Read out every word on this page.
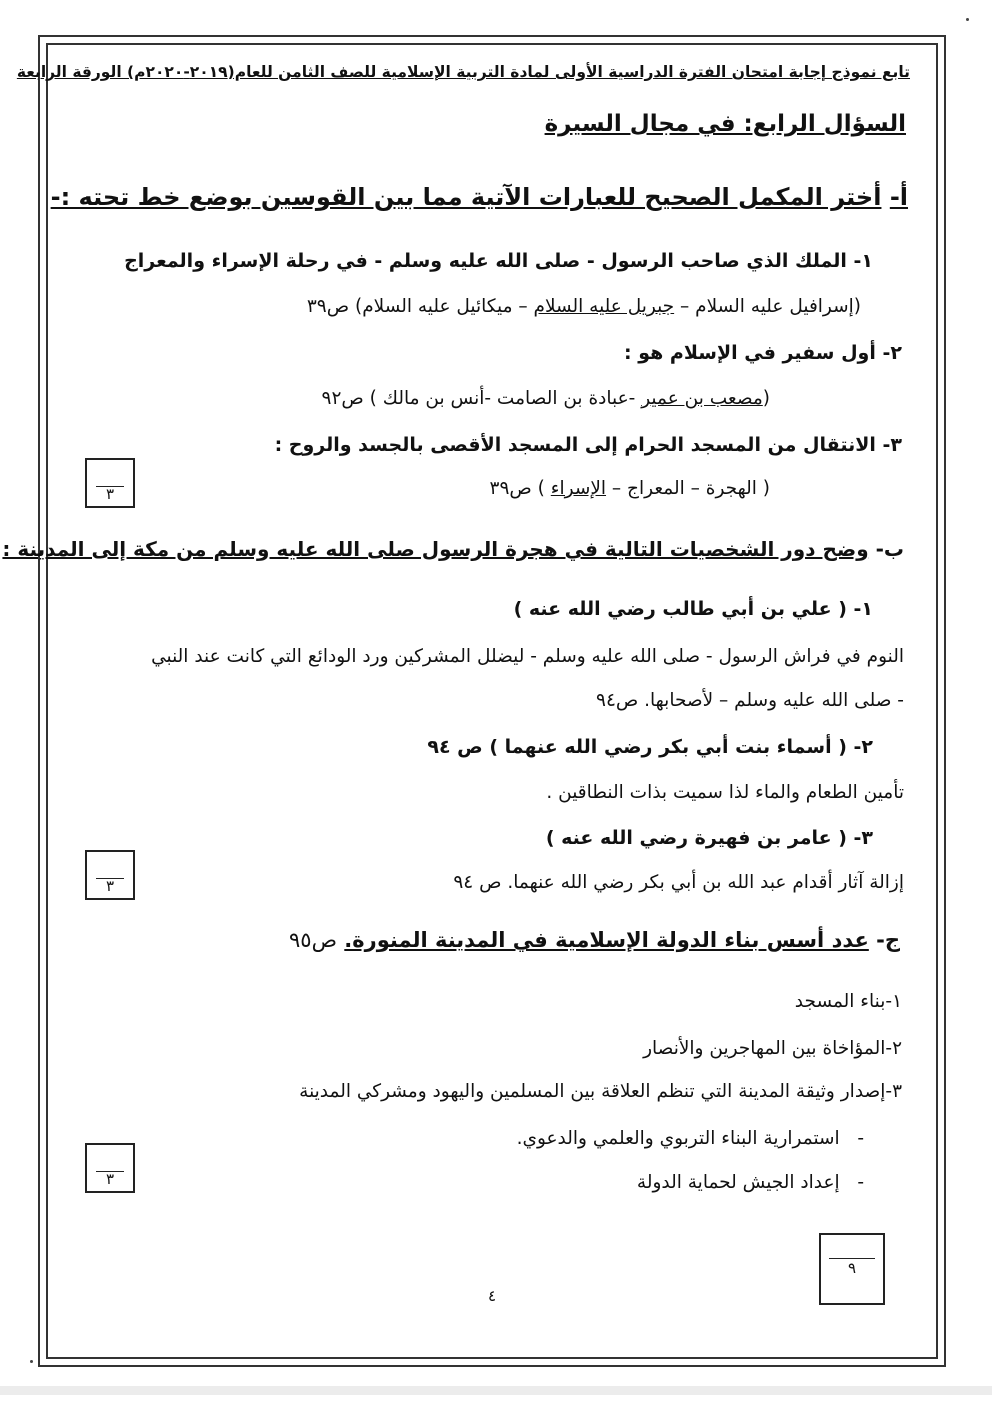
تابع نموذج إجابة امتحان الفترة الدراسية الأولى لمادة التربية الإسلامية للصف الثامن للعام(٢٠١٩-٢٠٢٠م) الورقة الرابعة
السؤال الرابع: في مجال السيرة
أ- أختر المكمل الصحيح للعبارات الآتية مما بين القوسين بوضع خط تحته :-
١- الملك الذي صاحب الرسول - صلى الله عليه وسلم - في رحلة الإسراء والمعراج
(إسرافيل عليه السلام – جبريل عليه السلام – ميكائيل عليه السلام) ص٣٩
٢- أول سفير في الإسلام هو :
(مصعب بن عمير -عبادة بن الصامت -أنس بن مالك ) ص٩٢
٣- الانتقال من المسجد الحرام إلى المسجد الأقصى بالجسد والروح :
( الهجرة – المعراج – الإسراء ) ص٣٩
٣
ب- وضح دور الشخصيات التالية في هجرة الرسول صلى الله عليه وسلم من مكة إلى المدينة :
١- ( علي بن أبي طالب رضي الله عنه )
النوم في فراش الرسول - صلى الله عليه وسلم - ليضلل المشركين ورد الودائع التي كانت عند النبي
- صلى الله عليه وسلم – لأصحابها. ص٩٤
٢- ( أسماء بنت أبي بكر رضي الله عنهما ) ص ٩٤
تأمين الطعام والماء لذا سميت بذات النطاقين .
٣- ( عامر بن فهيرة رضي الله عنه )
إزالة آثار أقدام عبد الله بن أبي بكر رضي الله عنهما. ص ٩٤
٣
ج- عدد أسس بناء الدولة الإسلامية في المدينة المنورة. ص٩٥
١-بناء المسجد
٢-المؤاخاة بين المهاجرين والأنصار
٣-إصدار وثيقة المدينة التي تنظم العلاقة بين المسلمين واليهود ومشركي المدينة
-   استمرارية البناء التربوي والعلمي والدعوي.
-   إعداد الجيش لحماية الدولة
٣
٩
٤
